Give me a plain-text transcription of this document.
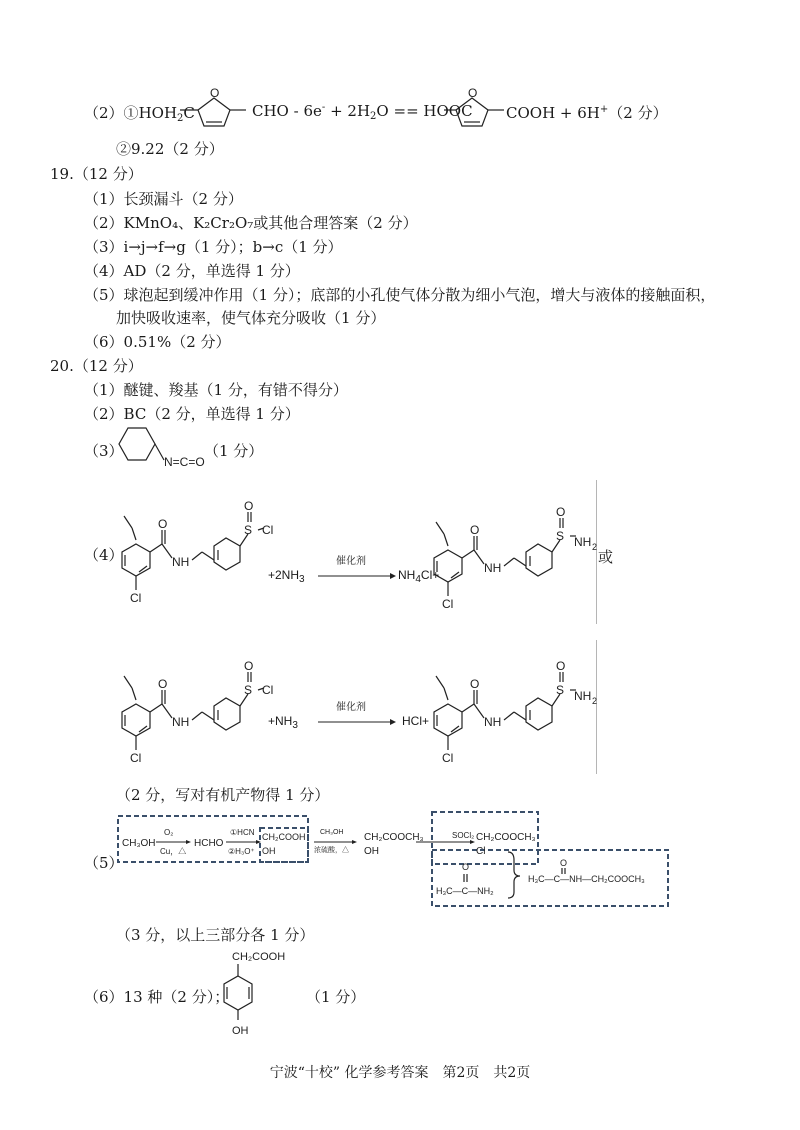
$(2)①HOH_2C$
O
CHO - $6e^- + 2H_2O$ == HOOC
O
COOH + 6H+（2 分）
②9.22（2 分）
19.（12 分）
（1）长颈漏斗（2 分）
（2）KMnO₄、K₂Cr₂O₇或其他合理答案（2 分）
（3）i→j→f→g（1 分）；b→c（1 分）
（4）AD（2 分，单选得 1 分）
（5）球泡起到缓冲作用（1 分）；底部的小孔使气体分散为细小气泡，增大与液体的接触面积，
加快吸收速率，使气体充分吸收（1 分）
（6）0.51%（2 分）
20.（12 分）
（1）醚键、羧基（1 分，有错不得分）
（2）BC（2 分，单选得 1 分）
（3）
N=C=O
（1 分）
（4）
Cl
O
NH
S
O
Cl
$+2NH_3$
催化剂
$NH_4Cl+$
Cl
O
NH
S
O
NH 2
或
Cl
O
NH
S
O
Cl
$+NH_3$
催化剂
HCl+
Cl
O
NH
S
O
NH 2
（2 分，写对有机产物得 1 分）
（5）
CH₃OH
O₂
Cu，△
HCHO
①HCN
②H₃O⁺
CH₂COOH
OH
CH₃OH
浓硫酸，△
CH₂COOCH₃
OH
SOCl₂ CH₂COOCH₃
Cl
O
H₃C—C—NH₂
O
H₃C—C—NH—CH₂COOCH₃
（3 分，以上三部分各 1 分）
CH₂COOH
OH
（6）13 种（2 分）；	（1 分）
宁波“十校” 化学参考答案　第2页　共2页
